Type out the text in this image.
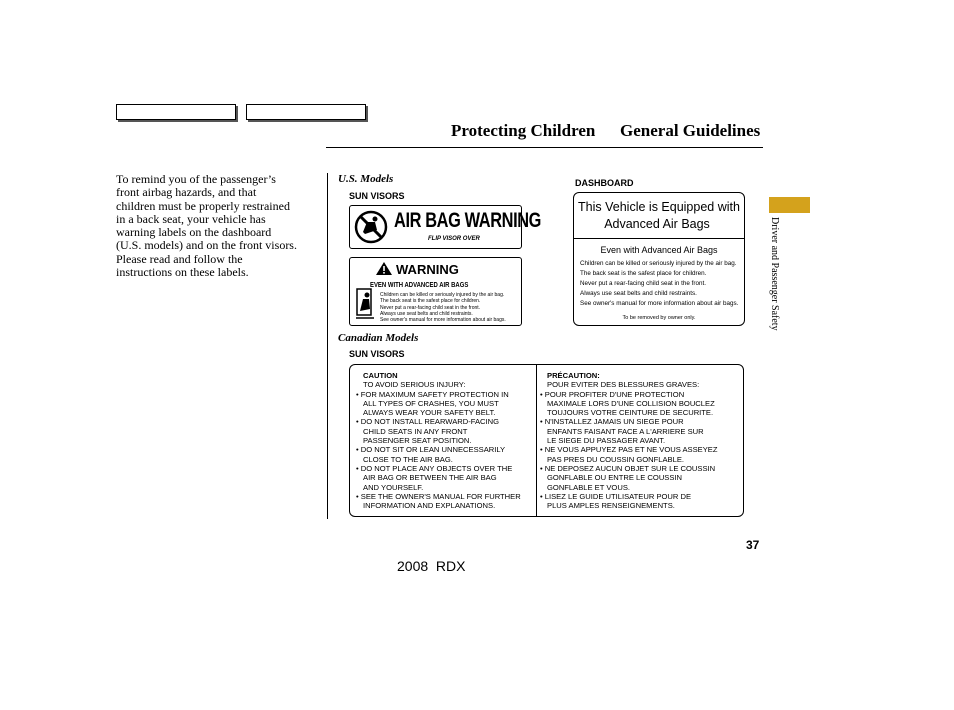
Protecting Children General Guidelines
To remind you of the passenger’s
front airbag hazards, and that
children must be properly restrained
in a back seat, your vehicle has
warning labels on the dashboard
(U.S. models) and on the front visors.
Please read and follow the
instructions on these labels.
U.S. Models
SUN VISORS
DASHBOARD
AIR BAG WARNING
FLIP VISOR OVER
WARNING
EVEN WITH ADVANCED AIR BAGS
Children can be killed or seriously injured by the air bag.
The back seat is the safest place for children.
Never put a rear-facing child seat in the front.
Always use seat belts and child restraints.
See owner's manual for more information about air bags.
This Vehicle is Equipped with
Advanced Air Bags
Even with Advanced Air Bags
Children can be killed or seriously injured by the air bag.
The back seat is the safest place for children.
Never put a rear-facing child seat in the front.
Always use seat belts and child restraints.
See owner's manual for more information about air bags.
To be removed by owner only.
Canadian Models
SUN VISORS
CAUTION
TO AVOID SERIOUS INJURY:
• FOR MAXIMUM SAFETY PROTECTION IN
ALL TYPES OF CRASHES, YOU MUST
ALWAYS WEAR YOUR SAFETY BELT.
• DO NOT INSTALL REARWARD-FACING
CHILD SEATS IN ANY FRONT
PASSENGER SEAT POSITION.
• DO NOT SIT OR LEAN UNNECESSARILY
CLOSE TO THE AIR BAG.
• DO NOT PLACE ANY OBJECTS OVER THE
AIR BAG OR BETWEEN THE AIR BAG
AND YOURSELF.
• SEE THE OWNER'S MANUAL FOR FURTHER
INFORMATION AND EXPLANATIONS.
PRÉCAUTION:
POUR EVITER DES BLESSURES GRAVES:
• POUR PROFITER D'UNE PROTECTION
MAXIMALE LORS D'UNE COLLISION BOUCLEZ
TOUJOURS VOTRE CEINTURE DE SECURITE.
• N'INSTALLEZ JAMAIS UN SIEGE POUR
ENFANTS FAISANT FACE A L'ARRIERE SUR
LE SIEGE DU PASSAGER AVANT.
• NE VOUS APPUYEZ PAS ET NE VOUS ASSEYEZ
PAS PRES DU COUSSIN GONFLABLE.
• NE DEPOSEZ AUCUN OBJET SUR LE COUSSIN
GONFLABLE OU ENTRE LE COUSSIN
GONFLABLE ET VOUS.
• LISEZ LE GUIDE UTILISATEUR POUR DE
PLUS AMPLES RENSEIGNEMENTS.
Driver and Passenger Safety
37
2008  RDX
